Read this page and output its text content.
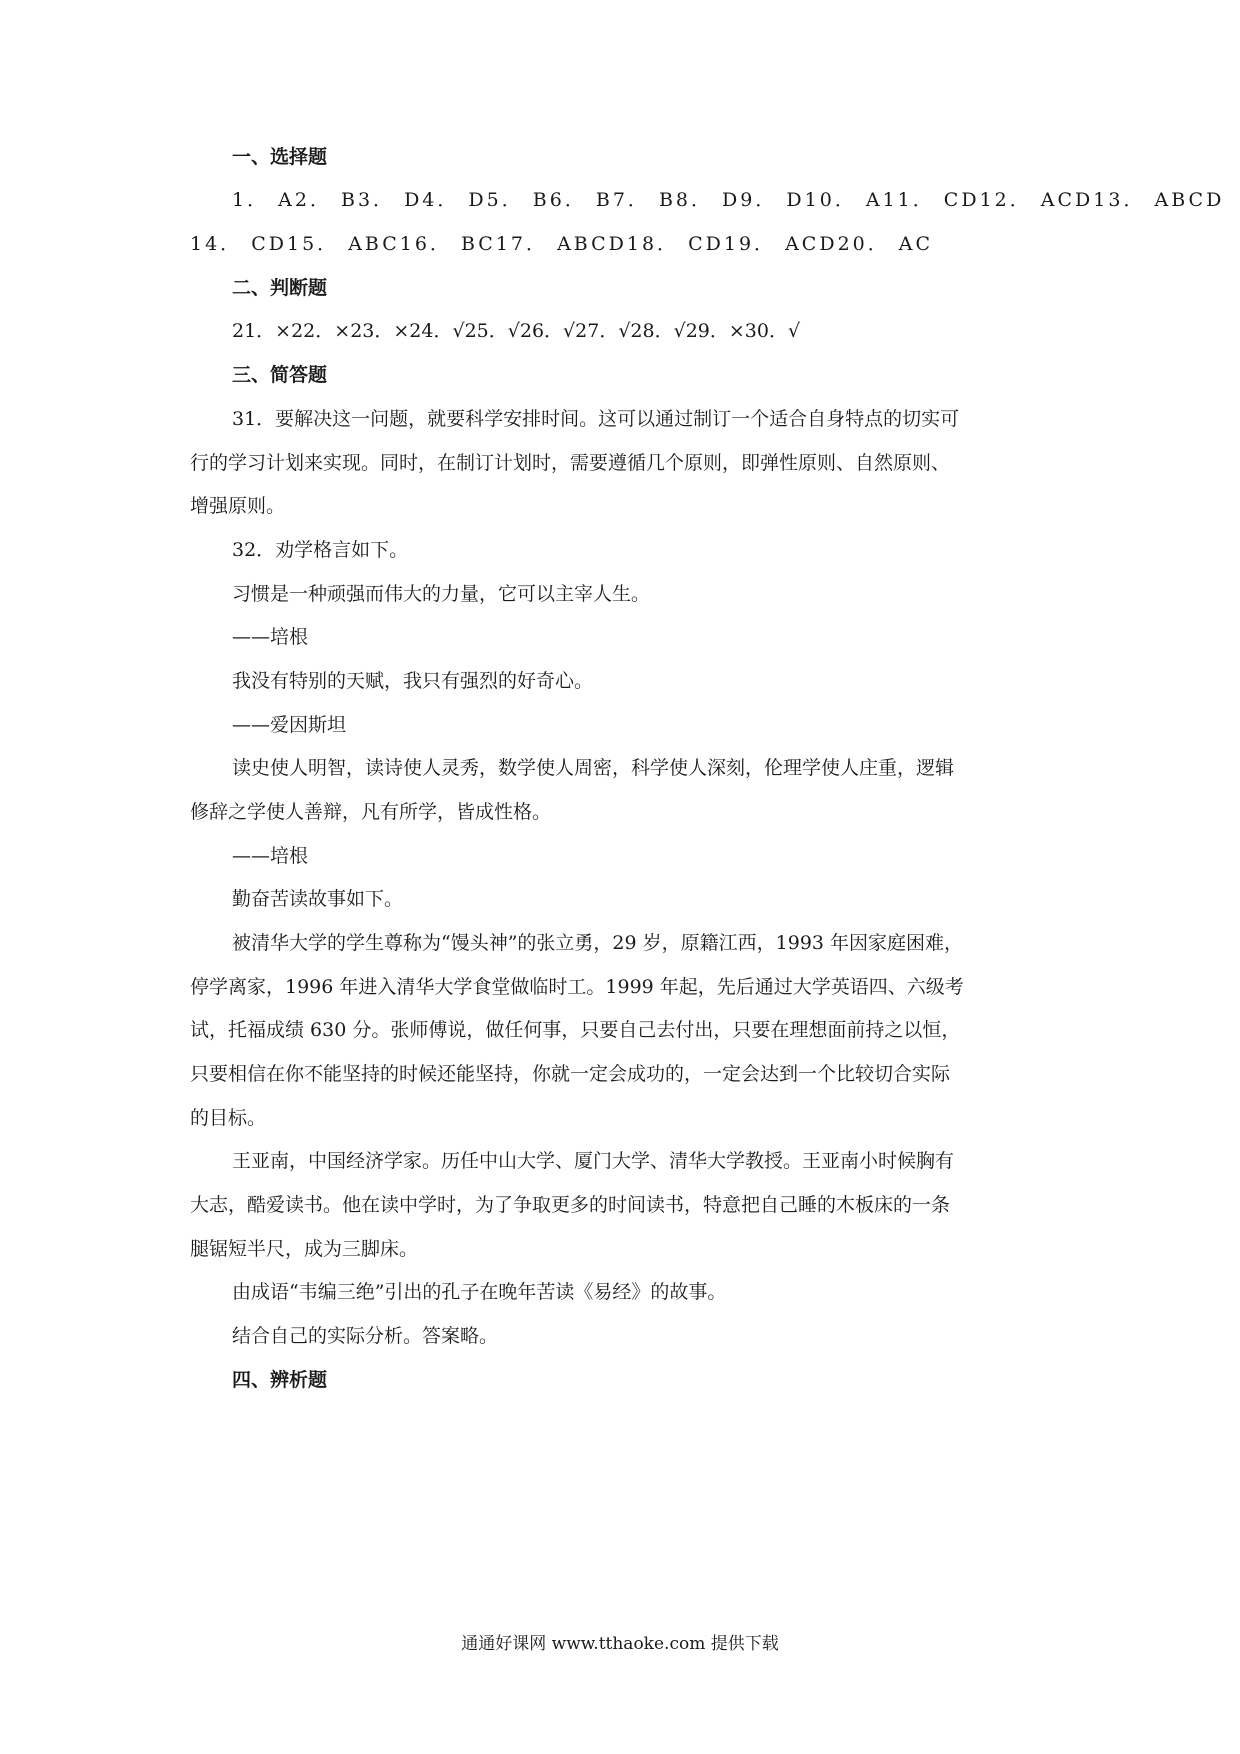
一、选择题
1． A2． B3． D4． D5． B6． B7． B8． D9． D10． A11． CD12． ACD13． ABCD
14． CD15． ABC16． BC17． ABCD18． CD19． ACD20． AC
二、判断题
21．×22．×23．×24．√25．√26．√27．√28．√29．×30．√
三、简答题
31．要解决这一问题，就要科学安排时间。这可以通过制订一个适合自身特点的切实可
行的学习计划来实现。同时，在制订计划时，需要遵循几个原则，即弹性原则、自然原则、
增强原则。
32．劝学格言如下。
习惯是一种顽强而伟大的力量，它可以主宰人生。
——培根
我没有特别的天赋，我只有强烈的好奇心。
——爱因斯坦
读史使人明智，读诗使人灵秀，数学使人周密，科学使人深刻，伦理学使人庄重，逻辑
修辞之学使人善辩，凡有所学，皆成性格。
——培根
勤奋苦读故事如下。
被清华大学的学生尊称为“馒头神”的张立勇，29 岁，原籍江西，1993 年因家庭困难，
停学离家，1996 年进入清华大学食堂做临时工。1999 年起，先后通过大学英语四、六级考
试，托福成绩 630 分。张师傅说，做任何事，只要自己去付出，只要在理想面前持之以恒，
只要相信在你不能坚持的时候还能坚持，你就一定会成功的，一定会达到一个比较切合实际
的目标。
王亚南，中国经济学家。历任中山大学、厦门大学、清华大学教授。王亚南小时候胸有
大志，酷爱读书。他在读中学时，为了争取更多的时间读书，特意把自己睡的木板床的一条
腿锯短半尺，成为三脚床。
由成语“韦编三绝”引出的孔子在晚年苦读《易经》的故事。
结合自己的实际分析。答案略。
四、辨析题
通通好课网 www.tthaoke.com 提供下载
